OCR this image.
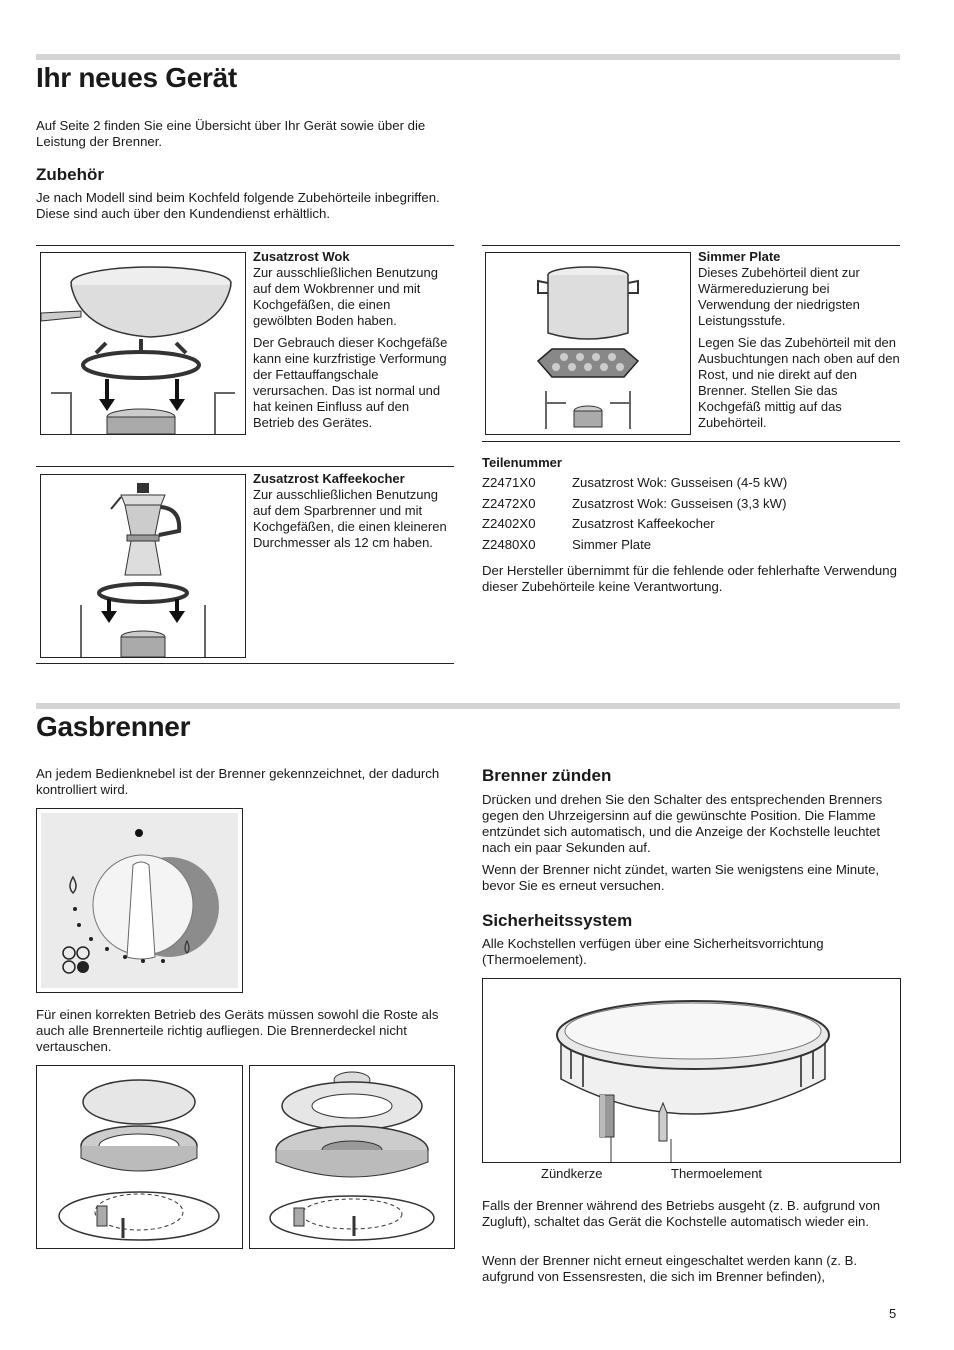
Ihr neues Gerät

Auf Seite 2 finden Sie eine Übersicht über Ihr Gerät sowie über die Leistung der Brenner.

Zubehör

Je nach Modell sind beim Kochfeld folgende Zubehörteile inbegriffen. Diese sind auch über den Kundendienst erhältlich.

Zusatzrost Wok

Zur ausschließlichen Benutzung auf dem Wokbrenner und mit Kochgefäßen, die einen gewölbten Boden haben.

Der Gebrauch dieser Kochgefäße kann eine kurzfristige Verformung der Fettauffangschale verursachen. Das ist normal und hat keinen Einfluss auf den Betrieb des Gerätes.

Zusatzrost Kaffeekocher

Zur ausschließlichen Benutzung auf dem Sparbrenner und mit Kochgefäßen, die einen kleineren Durchmesser als 12 cm haben.

Simmer Plate

Dieses Zubehörteil dient zur Wärmereduzierung bei Verwendung der niedrigsten Leistungsstufe.

Legen Sie das Zubehörteil mit den Ausbuchtungen nach oben auf den Rost, und nie direkt auf den Brenner. Stellen Sie das Kochgefäß mittig auf das Zubehörteil.

Teilenummer
Z2471X0	Zusatzrost Wok: Gusseisen (4-5 kW)
Z2472X0	Zusatzrost Wok: Gusseisen (3,3 kW)
Z2402X0	Zusatzrost Kaffeekocher
Z2480X0	Simmer Plate

Der Hersteller übernimmt für die fehlende oder fehlerhafte Verwendung dieser Zubehörteile keine Verantwortung.

Gasbrenner

An jedem Bedienknebel ist der Brenner gekennzeichnet, der dadurch kontrolliert wird.

Für einen korrekten Betrieb des Geräts müssen sowohl die Roste als auch alle Brennerteile richtig aufliegen. Die Brennerdeckel nicht vertauschen.

Brenner zünden

Drücken und drehen Sie den Schalter des entsprechenden Brenners gegen den Uhrzeigersinn auf die gewünschte Position. Die Flamme entzündet sich automatisch, und die Anzeige der Kochstelle leuchtet nach ein paar Sekunden auf.

Wenn der Brenner nicht zündet, warten Sie wenigstens eine Minute, bevor Sie es erneut versuchen.

Sicherheitssystem

Alle Kochstellen verfügen über eine Sicherheitsvorrichtung (Thermoelement).

Zündkerze	Thermoelement

Falls der Brenner während des Betriebs ausgeht (z. B. aufgrund von Zugluft), schaltet das Gerät die Kochstelle automatisch wieder ein.

Wenn der Brenner nicht erneut eingeschaltet werden kann (z. B. aufgrund von Essensresten, die sich im Brenner befinden),

5
